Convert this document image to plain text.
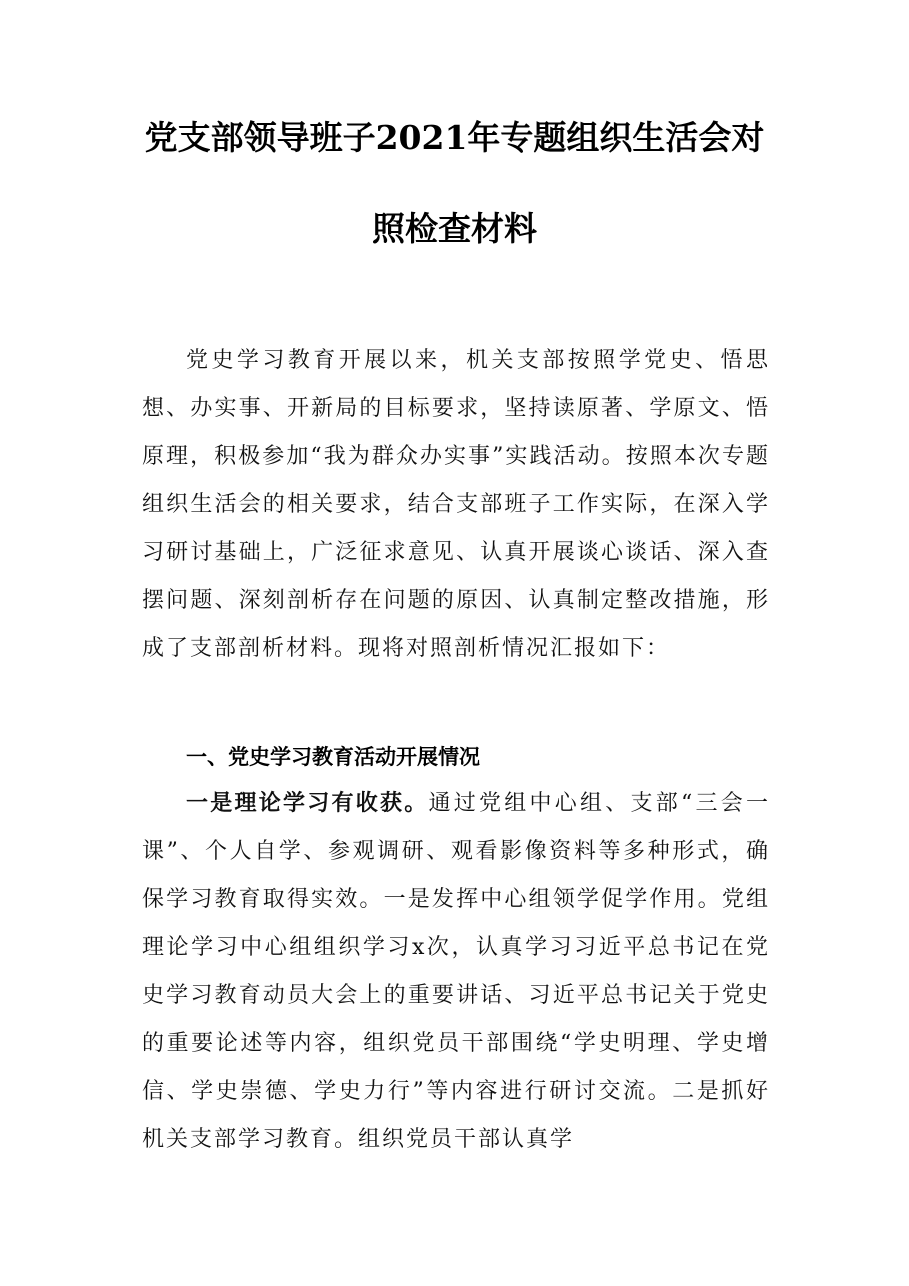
党支部领导班子2021年专题组织生活会对
照检查材料

党史学习教育开展以来，机关支部按照学党史、悟思想、办实事、开新局的目标要求，坚持读原著、学原文、悟原理，积极参加“我为群众办实事”实践活动。按照本次专题组织生活会的相关要求，结合支部班子工作实际，在深入学习研讨基础上，广泛征求意见、认真开展谈心谈话、深入查摆问题、深刻剖析存在问题的原因、认真制定整改措施，形成了支部剖析材料。现将对照剖析情况汇报如下：

一、党史学习教育活动开展情况

一是理论学习有收获。通过党组中心组、支部“三会一课”、个人自学、参观调研、观看影像资料等多种形式，确保学习教育取得实效。一是发挥中心组领学促学作用。党组理论学习中心组组织学习x次，认真学习习近平总书记在党史学习教育动员大会上的重要讲话、习近平总书记关于党史的重要论述等内容，组织党员干部围绕“学史明理、学史增信、学史崇德、学史力行”等内容进行研讨交流。二是抓好机关支部学习教育。组织党员干部认真学
